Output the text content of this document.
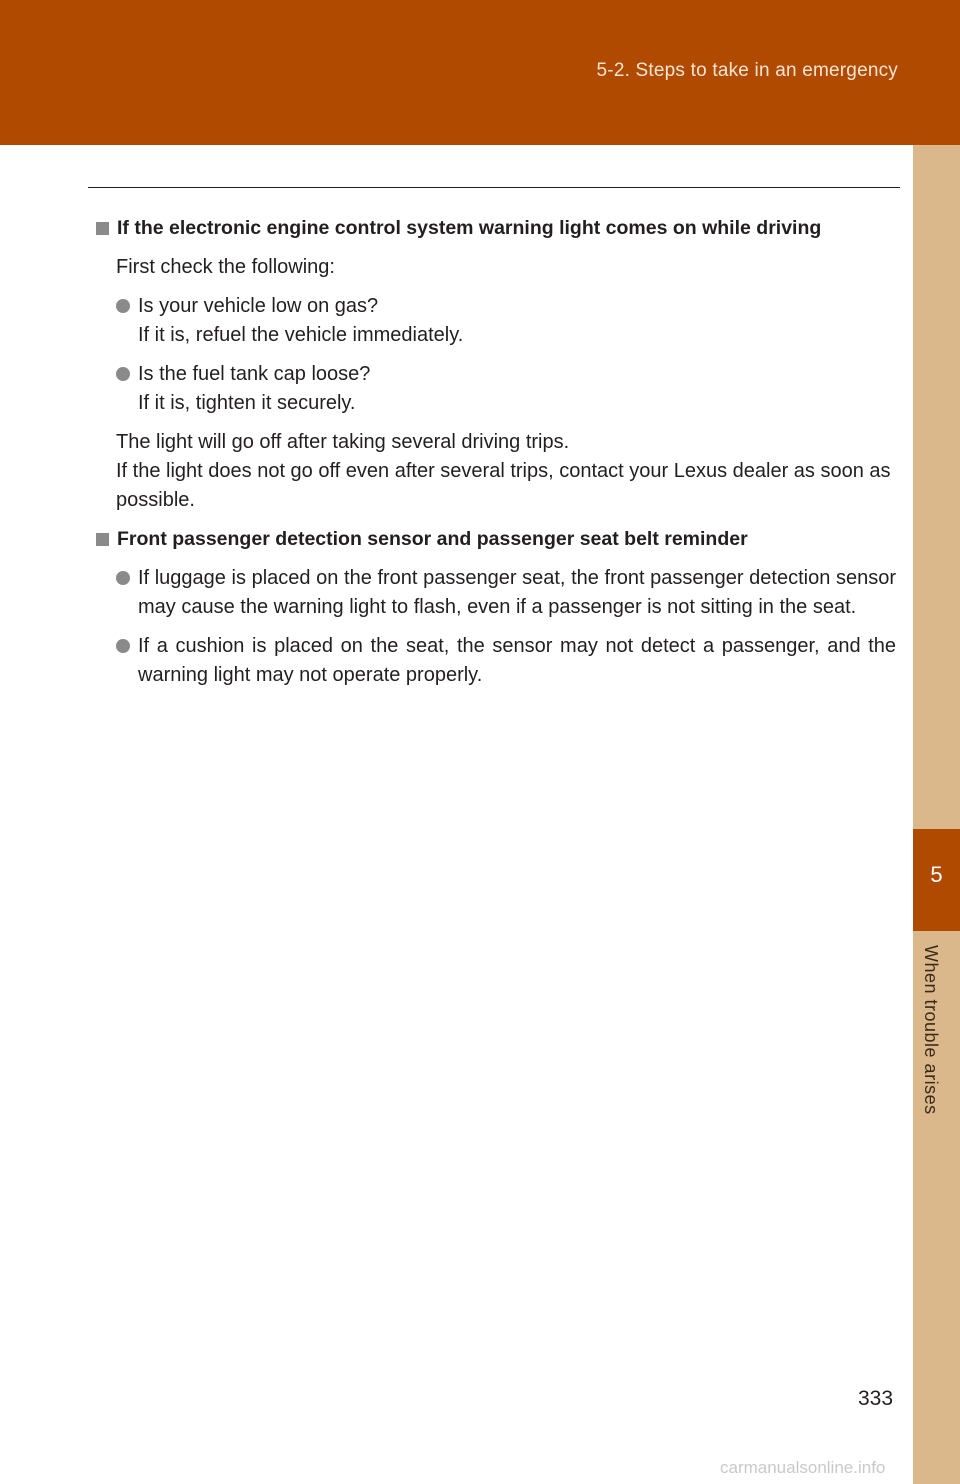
5-2. Steps to take in an emergency
5
When trouble arises
If the electronic engine control system warning light comes on while driving

First check the following:

Is your vehicle low on gas?

If it is, refuel the vehicle immediately.

Is the fuel tank cap loose?

If it is, tighten it securely.

The light will go off after taking several driving trips.
If the light does not go off even after several trips, contact your Lexus dealer as soon as possible.
Front passenger detection sensor and passenger seat belt reminder
If luggage is placed on the front passenger seat, the front passenger detection sensor may cause the warning light to flash, even if a passenger is not sitting in the seat.
If a cushion is placed on the seat, the sensor may not detect a passenger, and the warning light may not operate properly.
333
carmanualsonline.info
